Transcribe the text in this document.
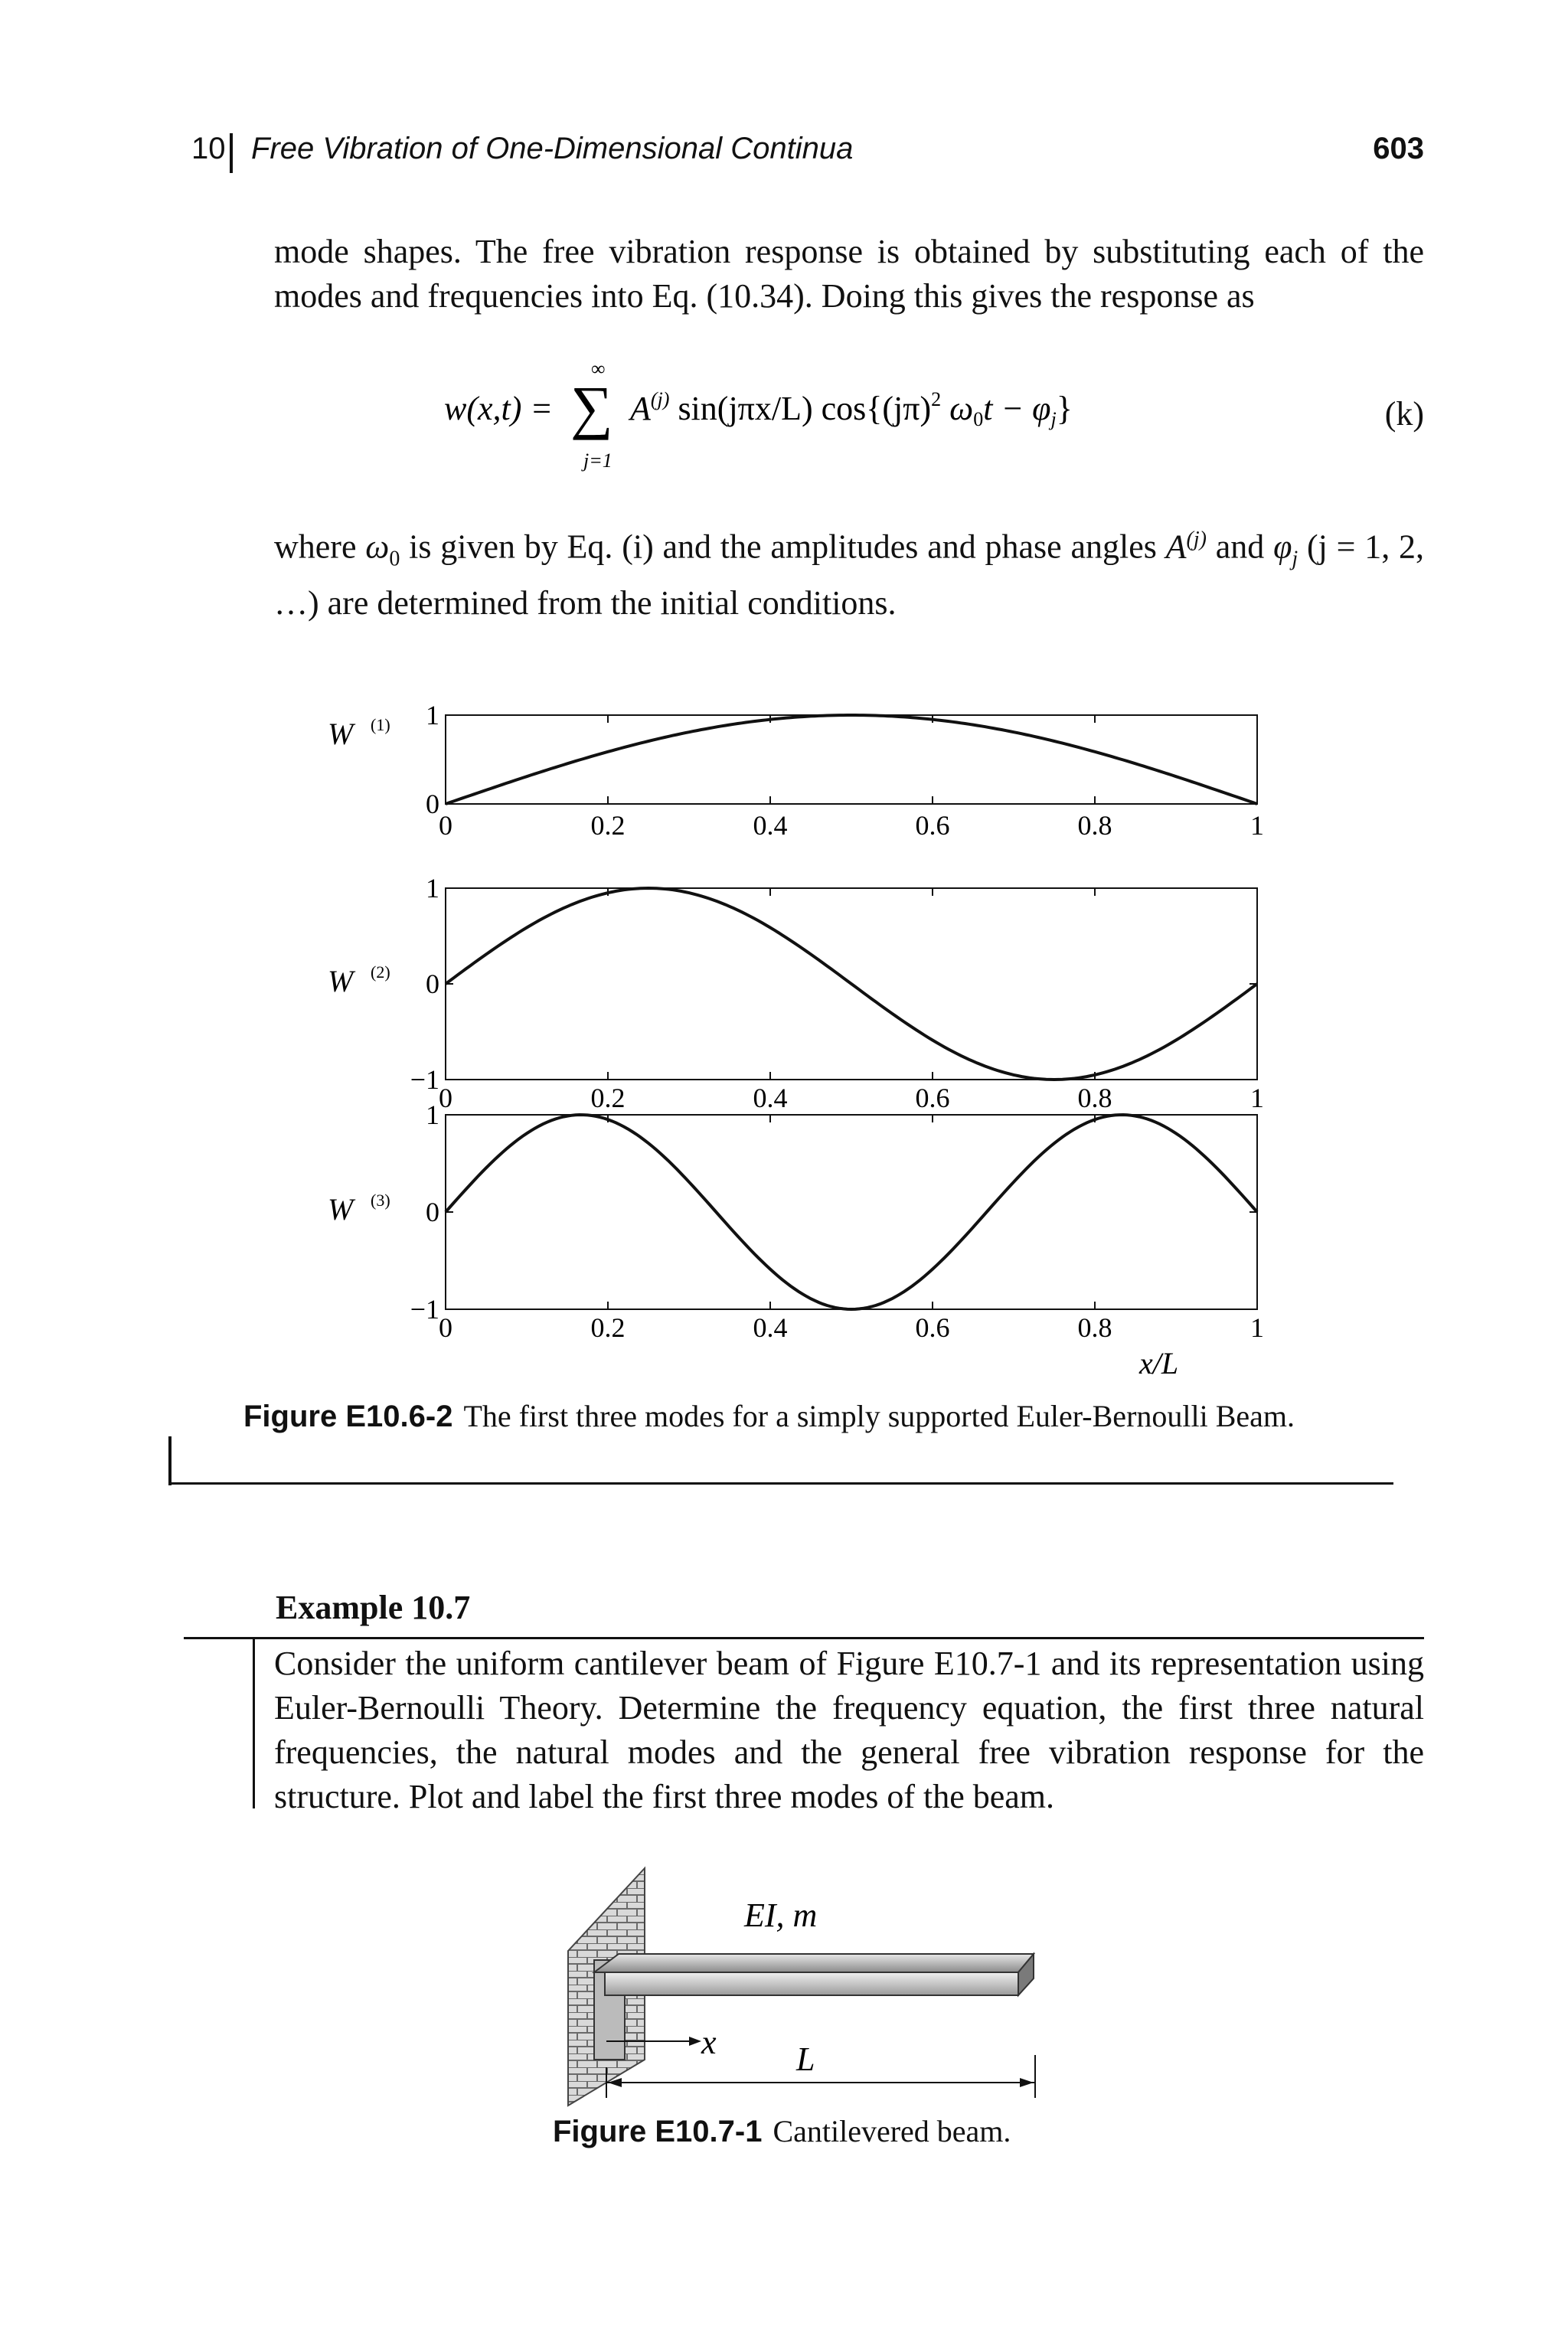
10 Free Vibration of One-Dimensional Continua	603
mode shapes. The free vibration response is obtained by substituting each of the modes and frequencies into Eq. (10.34). Doing this gives the response as
w(x,t) =
∞
∑
j=1
$A^{(j)}$ sin(jπx/L) $\cos\{(j\pi)^2$ ω0t − φj}	(k)
where $\omega_0$ is given by Eq. (i) and the amplitudes and phase angles $A^{(j)}$ and $\varphi_j$ (j = 1, 2, …) are determined from the initial conditions.
0	0.2	0.4	0.6	0.8	1
0
1
W (1)
0	0.2	0.4	0.6	0.8	1
−1
0
1
W (2)
0	0.2	0.4	0.6	0.8	1
−1
0
1
W (3)
x/L
Figure E10.6-2 The first three modes for a simply supported Euler-Bernoulli Beam.
Example 10.7
Consider the uniform cantilever beam of Figure E10.7-1 and its representation using Euler-Bernoulli Theory. Determine the frequency equation, the first three natural frequencies, the natural modes and the general free vibration response for the structure. Plot and label the first three modes of the beam.
EI, m
x L
Figure E10.7-1 Cantilevered beam.
